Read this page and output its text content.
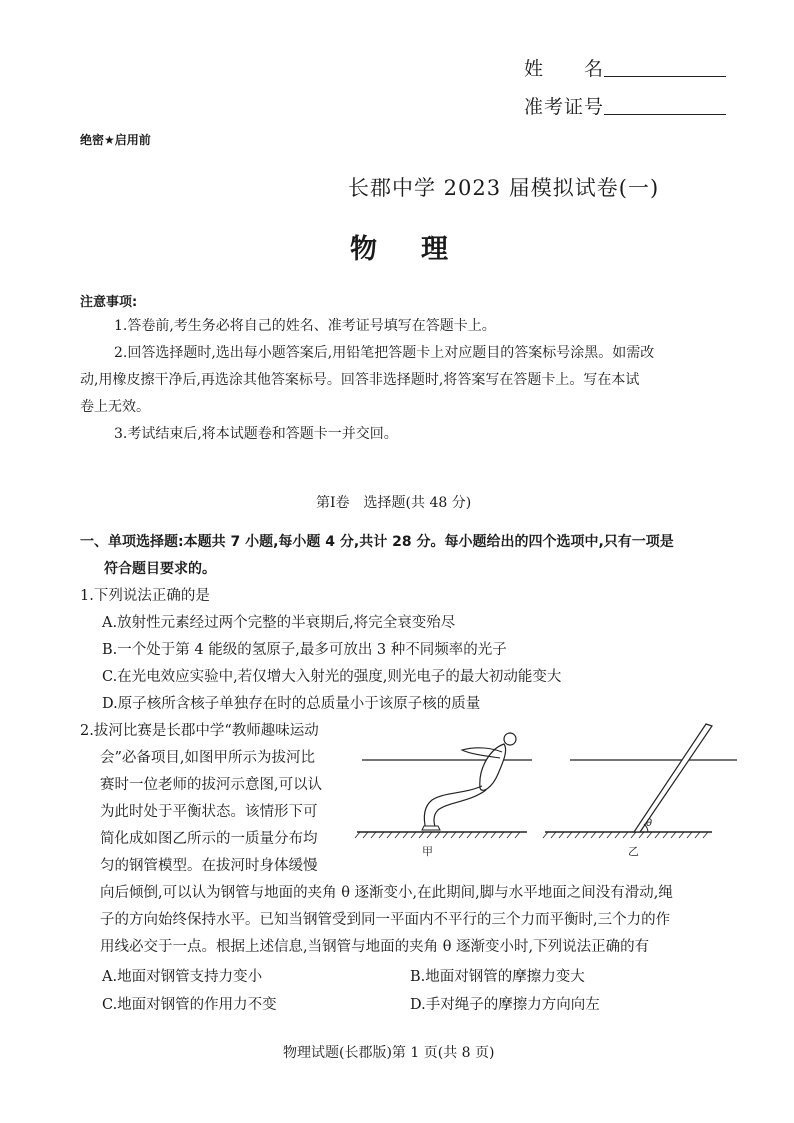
姓　　名
准考证号
绝密★启用前
长郡中学 2023 届模拟试卷(一)
物理
注意事项:
1.答卷前,考生务必将自己的姓名、准考证号填写在答题卡上。
2.回答选择题时,选出每小题答案后,用铅笔把答题卡上对应题目的答案标号涂黑。如需改
动,用橡皮擦干净后,再选涂其他答案标号。回答非选择题时,将答案写在答题卡上。写在本试
卷上无效。
3.考试结束后,将本试题卷和答题卡一并交回。
第Ⅰ卷　选择题(共 48 分)
一、单项选择题:本题共 7 小题,每小题 4 分,共计 28 分。每小题给出的四个选项中,只有一项是
符合题目要求的。
1.下列说法正确的是
A.放射性元素经过两个完整的半衰期后,将完全衰变殆尽
B.一个处于第 4 能级的氢原子,最多可放出 3 种不同频率的光子
C.在光电效应实验中,若仅增大入射光的强度,则光电子的最大初动能变大
D.原子核所含核子单独存在时的总质量小于该原子核的质量
2.拔河比赛是长郡中学“教师趣味运动
会”必备项目,如图甲所示为拔河比
赛时一位老师的拔河示意图,可以认
为此时处于平衡状态。该情形下可
简化成如图乙所示的一质量分布均
匀的钢管模型。在拔河时身体缓慢
甲
θ
乙
向后倾倒,可以认为钢管与地面的夹角 θ 逐渐变小,在此期间,脚与水平地面之间没有滑动,绳
子的方向始终保持水平。已知当钢管受到同一平面内不平行的三个力而平衡时,三个力的作
用线必交于一点。根据上述信息,当钢管与地面的夹角 θ 逐渐变小时,下列说法正确的有
A.地面对钢管支持力变小	B.地面对钢管的摩擦力变大
C.地面对钢管的作用力不变	D.手对绳子的摩擦力方向向左
物理试题(长郡版)第 1 页(共 8 页)
